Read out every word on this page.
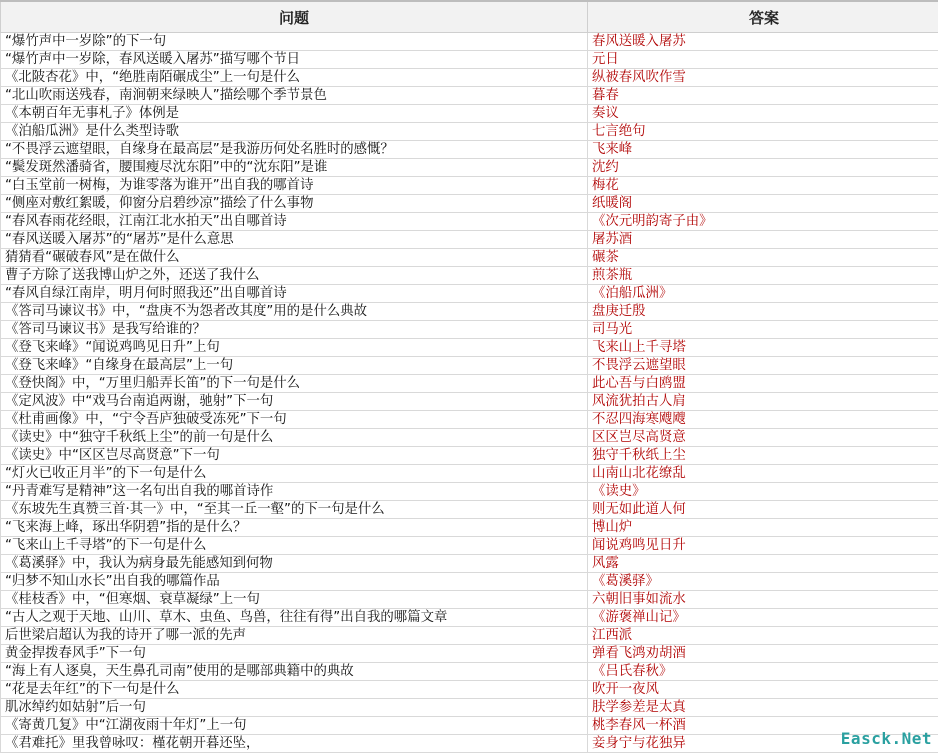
问题	答案
“爆竹声中一岁除”的下一句	春风送暖入屠苏
“爆竹声中一岁除，春风送暖入屠苏”描写哪个节日	元日
《北陂杏花》中，“绝胜南陌碾成尘”上一句是什么	纵被春风吹作雪
“北山吹雨送残春，南涧朝来绿映人”描绘哪个季节景色	暮春
《本朝百年无事札子》体例是	奏议
《泊船瓜洲》是什么类型诗歌	七言绝句
“不畏浮云遮望眼，自缘身在最高层”是我游历何处名胜时的感慨？	飞来峰
“鬓发斑然潘骑省，腰围瘦尽沈东阳”中的“沈东阳”是谁	沈约
“白玉堂前一树梅，为谁零落为谁开”出自我的哪首诗	梅花
“侧座对敷红絮暖，仰窗分启碧纱凉”描绘了什么事物	纸暖阁
“春风春雨花经眼，江南江北水拍天”出自哪首诗	《次元明韵寄子由》
“春风送暖入屠苏”的“屠苏”是什么意思	屠苏酒
猜猜看“碾破春风”是在做什么	碾茶
曹子方除了送我博山炉之外，还送了我什么	煎茶瓶
“春风自绿江南岸，明月何时照我还”出自哪首诗	《泊船瓜洲》
《答司马谏议书》中，“盘庚不为怨者改其度”用的是什么典故	盘庚迁殷
《答司马谏议书》是我写给谁的？	司马光
《登飞来峰》“闻说鸡鸣见日升”上句	飞来山上千寻塔
《登飞来峰》“自缘身在最高层”上一句	不畏浮云遮望眼
《登快阁》中，“万里归船弄长笛”的下一句是什么	此心吾与白鸥盟
《定风波》中“戏马台南追两谢，驰射”下一句	风流犹拍古人肩
《杜甫画像》中，“宁令吾庐独破受冻死”下一句	不忍四海寒飕飕
《读史》中“独守千秋纸上尘”的前一句是什么	区区岂尽高贤意
《读史》中“区区岂尽高贤意”下一句	独守千秋纸上尘
“灯火已收正月半”的下一句是什么	山南山北花缭乱
“丹青难写是精神”这一名句出自我的哪首诗作	《读史》
《东坡先生真赞三首·其一》中，“至其一丘一壑”的下一句是什么	则无如此道人何
“飞来海上峰，琢出华阴碧”指的是什么？	博山炉
“飞来山上千寻塔”的下一句是什么	闻说鸡鸣见日升
《葛溪驿》中，我认为病身最先能感知到何物	风露
“归梦不知山水长”出自我的哪篇作品	《葛溪驿》
《桂枝香》中，“但寒烟、衰草凝绿”上一句	六朝旧事如流水
“古人之观于天地、山川、草木、虫鱼、鸟兽，往往有得”出自我的哪篇文章	《游褒禅山记》
后世梁启超认为我的诗开了哪一派的先声	江西派
黄金捍拨春风手”下一句	弹看飞鸿劝胡酒
“海上有人逐臭，天生鼻孔司南”使用的是哪部典籍中的典故	《吕氏春秋》
“花是去年红”的下一句是什么	吹开一夜风
肌冰绰约如姑射”后一句	肤学参差是太真
《寄黄几复》中“江湖夜雨十年灯”上一句	桃李春风一杯酒
《君难托》里我曾咏叹：槿花朝开暮还坠，	妾身宁与花独异	Easck.Net
